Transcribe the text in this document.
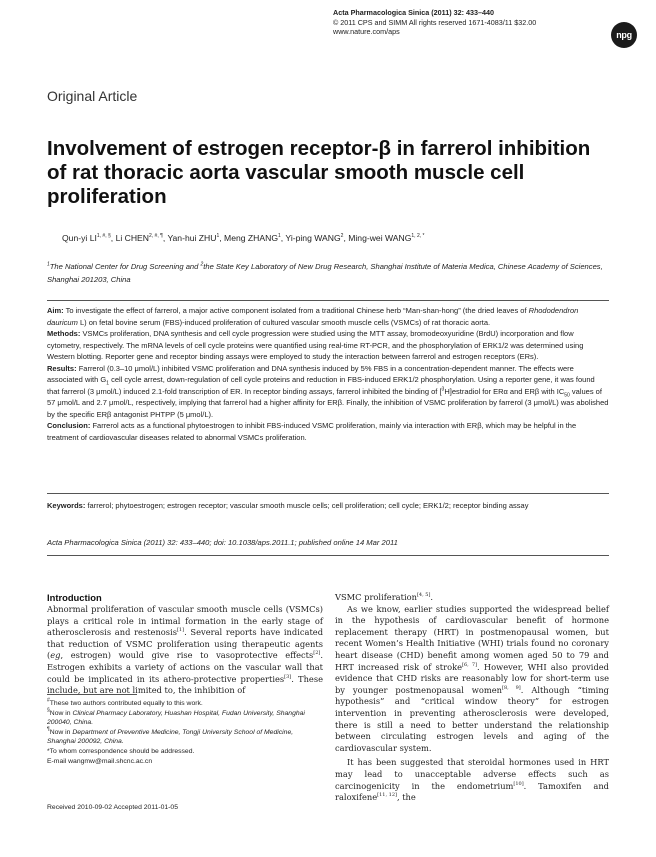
Acta Pharmacologica Sinica (2011) 32: 433–440
© 2011 CPS and SIMM All rights reserved 1671-4083/11 $32.00
www.nature.com/aps	npg
Original Article
Involvement of estrogen receptor-β in farrerol inhibition of rat thoracic aorta vascular smooth muscle cell proliferation
Qun-yi $LI^{1, \#, \S}$, Li $CHEN^{2, \#, \P}$, Yan-hui ZHU$^1$, Meng ZHANG$^1$, Yi-ping WANG$^2$, Ming-wei $WANG^{1, 2, *}$
$^1$The National Center for Drug Screening and $^2$the State Key Laboratory of New Drug Research, Shanghai Institute of Materia Medica, Chinese Academy of Sciences, Shanghai 201203, China

Aim: To investigate the effect of farrerol, a major active component isolated from a traditional Chinese herb “Man-shan-hong” (the dried leaves of Rhododendron dauricum L) on fetal bovine serum (FBS)-induced proliferation of cultured vascular smooth muscle cells (VSMCs) of rat thoracic aorta.

Methods: VSMCs proliferation, DNA synthesis and cell cycle progression were studied using the MTT assay, bromodeoxyuridine (BrdU) incorporation and flow cytometry, respectively. The mRNA levels of cell cycle proteins were quantified using real-time RT-PCR, and the phosphorylation of ERK1/2 was determined using Western blotting. Reporter gene and receptor binding assays were employed to study the interaction between farrerol and estrogen receptors (ERs).

Results: Farrerol (0.3–10 μmol/L) inhibited VSMC proliferation and DNA synthesis induced by 5% FBS in a concentration-dependent manner. The effects were associated with $G_1$ cell cycle arrest, down-regulation of cell cycle proteins and reduction in FBS-induced ERK1/2 phosphorylation. Using a reporter gene, it was found that farrerol (3 μmol/L) induced 2.1-fold transcription of ER. In receptor binding assays, farrerol inhibited the binding of [$^3$H]estradiol for ERα and ERβ with $IC_{50}$ values of 57 μmol/L and 2.7 μmol/L, respectively, implying that farrerol had a higher affinity for ERβ. Finally, the inhibition of VSMC proliferation by farrerol (3 μmol/L) was abolished by the specific ERβ antagonist PHTPP (5 μmol/L).

Conclusion: Farrerol acts as a functional phytoestrogen to inhibit FBS-induced VSMC proliferation, mainly via interaction with ERβ, which may be helpful in the treatment of cardiovascular diseases related to abnormal VSMCs proliferation.

Keywords: farrerol; phytoestrogen; estrogen receptor; vascular smooth muscle cells; cell proliferation; cell cycle; ERK1/2; receptor binding assay
Acta Pharmacologica Sinica (2011) 32: 433–440; doi: 10.1038/aps.2011.1; published online 14 Mar 2011
Introduction

Abnormal proliferation of vascular smooth muscle cells (VSMCs) plays a critical role in intimal formation in the early stage of atherosclerosis and restenosis[1]. Several reports have indicated that reduction of VSMC proliferation using therapeutic agents (eg, estrogen) would give rise to vasoprotective effects[2]. Estrogen exhibits a variety of actions on the vascular wall that could be implicated in its athero-protective properties[3]. These include, but are not limited to, the inhibition of

VSMC proliferation[4, 5].

As we know, earlier studies supported the widespread belief in the hypothesis of cardiovascular benefit of hormone replacement therapy (HRT) in postmenopausal women, but recent Women’s Health Initiative (WHI) trials found no coronary heart disease (CHD) benefit among women aged 50 to 79 and HRT increased risk of stroke[6, 7]. However, WHI also provided evidence that CHD risks are reasonably low for short-term use by younger postmenopausal women[8, 9]. Although “timing hypothesis” and “critical window theory” for estrogen intervention in preventing atherosclerosis were developed, there is still a need to better understand the relationship between circulating estrogen levels and aging of the cardiovascular system.

It has been suggested that steroidal hormones used in HRT may lead to unacceptable adverse effects such as carcinogenicity in the endometrium[10]. Tamoxifen and raloxifene[11, 12], the

#These two authors contributed equally to this work.

§Now in Clinical Pharmacy Laboratory, Huashan Hospital, Fudan University, Shanghai 200040, China.

¶Now in Department of Preventive Medicine, Tongji University School of Medicine, Shanghai 200092, China.

*To whom correspondence should be addressed.

E-mail wangmw@mail.shcnc.ac.cn

Received 2010-09-02 Accepted 2011-01-05
